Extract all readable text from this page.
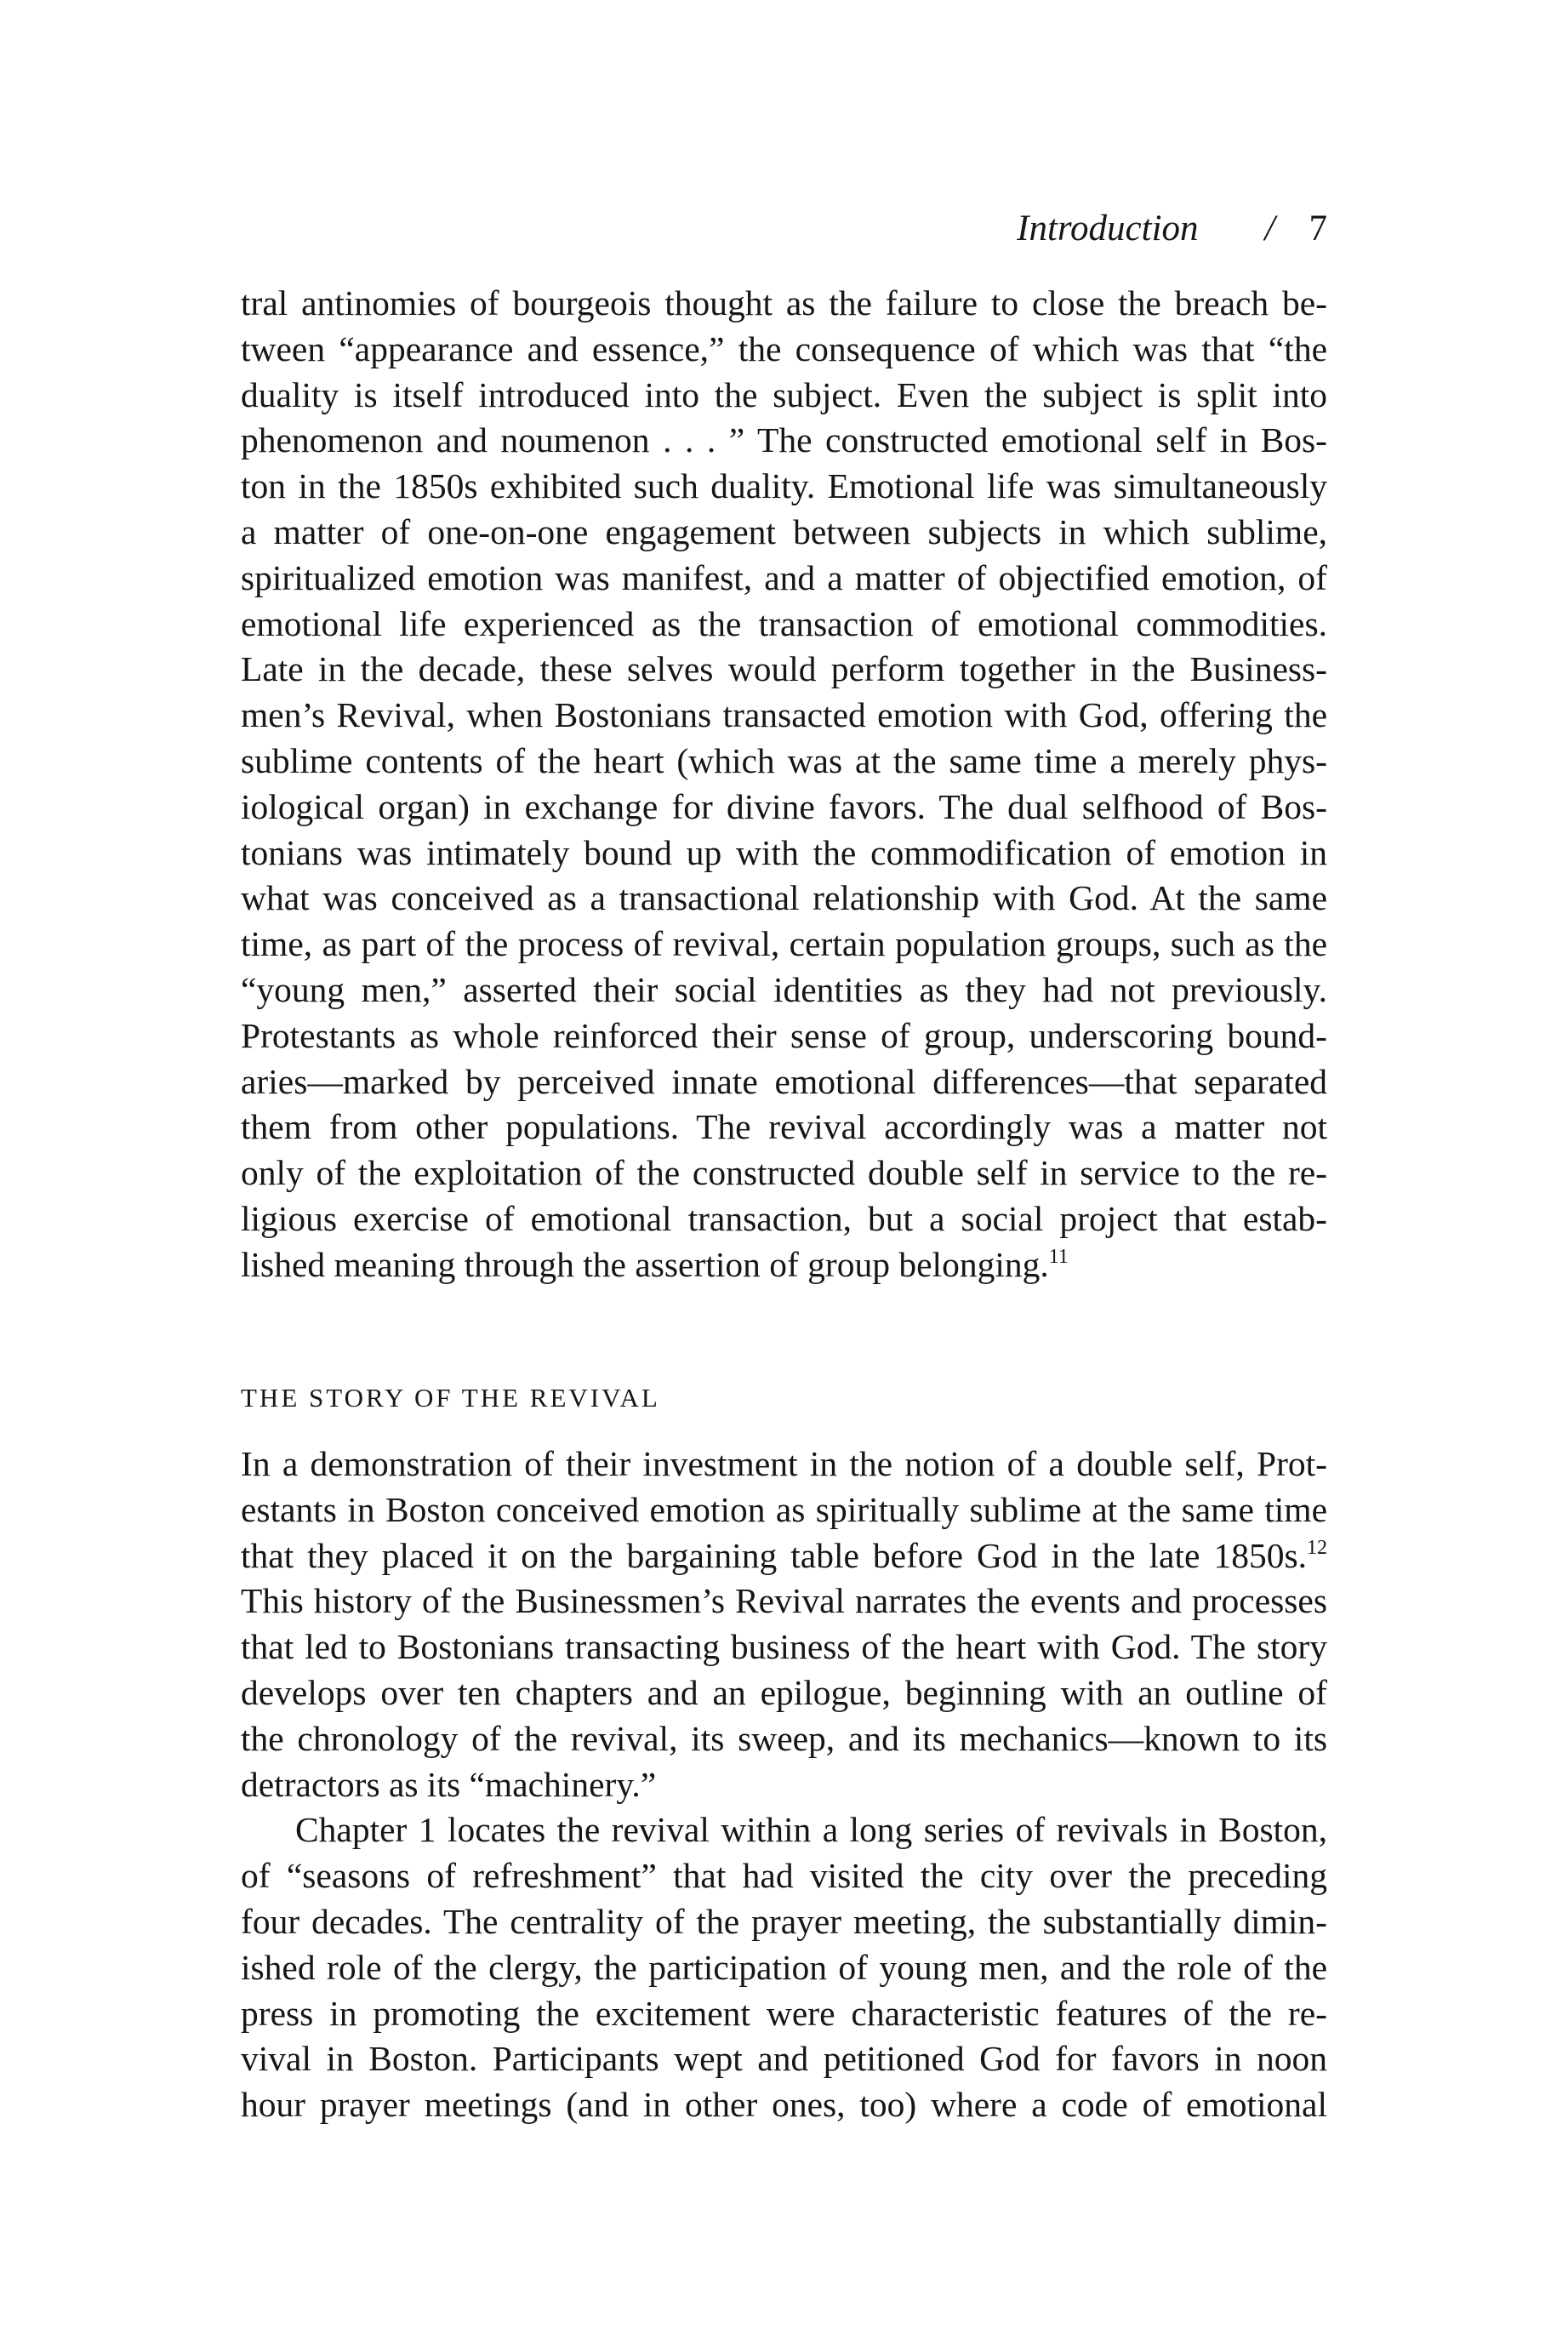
Introduction / 7

tral antinomies of bourgeois thought as the failure to close the breach be-
tween “appearance and essence,” the consequence of which was that “the
duality is itself introduced into the subject. Even the subject is split into
phenomenon and noumenon . . . ” The constructed emotional self in Bos-
ton in the 1850s exhibited such duality. Emotional life was simultaneously
a matter of one-on-one engagement between subjects in which sublime,
spiritualized emotion was manifest, and a matter of objectified emotion, of
emotional life experienced as the transaction of emotional commodities.
Late in the decade, these selves would perform together in the Business-
men’s Revival, when Bostonians transacted emotion with God, offering the
sublime contents of the heart (which was at the same time a merely phys-
iological organ) in exchange for divine favors. The dual selfhood of Bos-
tonians was intimately bound up with the commodification of emotion in
what was conceived as a transactional relationship with God. At the same
time, as part of the process of revival, certain population groups, such as the
“young men,” asserted their social identities as they had not previously.
Protestants as whole reinforced their sense of group, underscoring bound-
aries—marked by perceived innate emotional differences—that separated
them from other populations. The revival accordingly was a matter not
only of the exploitation of the constructed double self in service to the re-
ligious exercise of emotional transaction, but a social project that estab-
lished meaning through the assertion of group belonging.$^{11}$

THE STORY OF THE REVIVAL

In a demonstration of their investment in the notion of a double self, Prot-
estants in Boston conceived emotion as spiritually sublime at the same time
that they placed it on the bargaining table before God in the late 1850s.$^{12}$
This history of the Businessmen’s Revival narrates the events and processes
that led to Bostonians transacting business of the heart with God. The story
develops over ten chapters and an epilogue, beginning with an outline of
the chronology of the revival, its sweep, and its mechanics—known to its
detractors as its “machinery.”

Chapter 1 locates the revival within a long series of revivals in Boston,
of “seasons of refreshment” that had visited the city over the preceding
four decades. The centrality of the prayer meeting, the substantially dimin-
ished role of the clergy, the participation of young men, and the role of the
press in promoting the excitement were characteristic features of the re-
vival in Boston. Participants wept and petitioned God for favors in noon
hour prayer meetings (and in other ones, too) where a code of emotional
